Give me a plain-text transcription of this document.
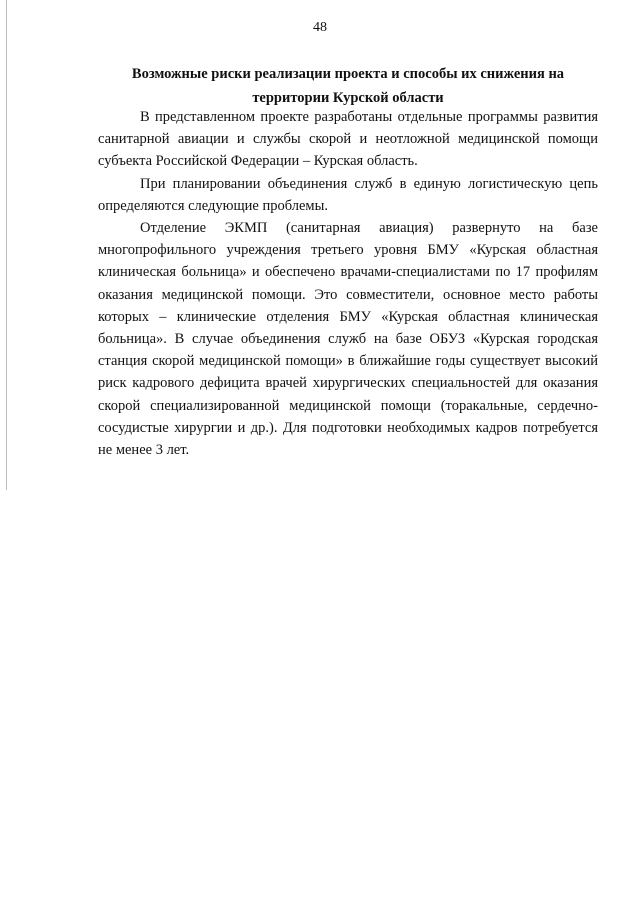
48
Возможные риски реализации проекта и способы их снижения на
территории Курской области

В представленном проекте разработаны отдельные программы развития санитарной авиации и службы скорой и неотложной медицинской помощи субъекта Российской Федерации – Курская область.

При планировании объединения служб в единую логистическую цепь определяются следующие проблемы.

Отделение ЭКМП (санитарная авиация) развернуто на базе многопрофильного учреждения третьего уровня БМУ «Курская областная клиническая больница» и обеспечено врачами-специалистами по 17 профилям оказания медицинской помощи. Это совместители, основное место работы которых – клинические отделения БМУ «Курская областная клиническая больница». В случае объединения служб на базе ОБУЗ «Курская городская станция скорой медицинской помощи» в ближайшие годы существует высокий риск кадрового дефицита врачей хирургических специальностей для оказания скорой специализированной медицинской помощи (торакальные, сердечно-сосудистые хирургии и др.). Для подготовки необходимых кадров потребуется не менее 3 лет.
